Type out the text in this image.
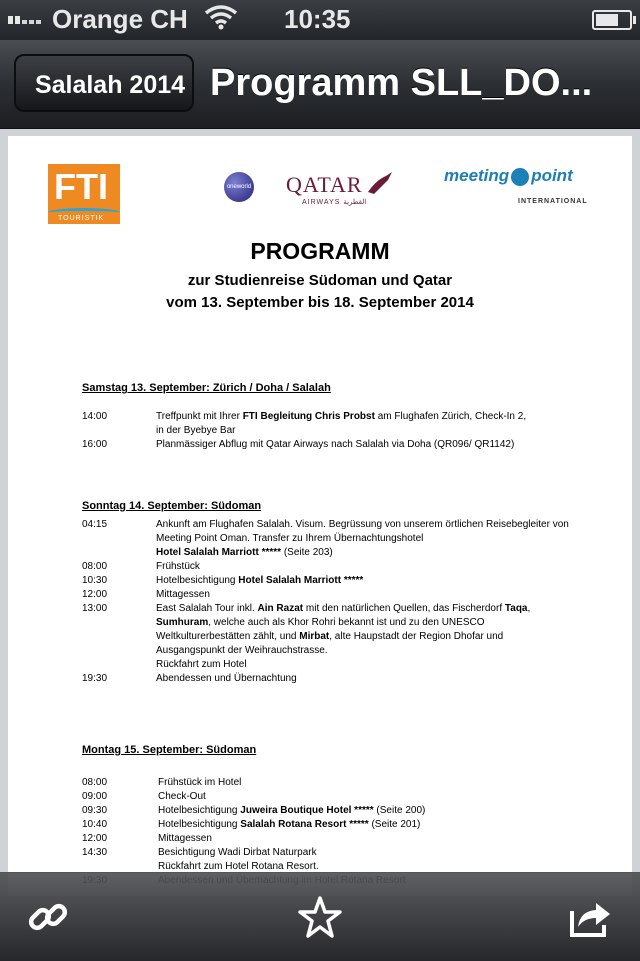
Orange CH	10:35
Salalah 2014 Programm SLL_DO...
FTI
TOURISTIK
oneworld QATAR
AIRWAYS القطرية
meeting point
INTERNATIONAL
PROGRAMM
zur Studienreise Südoman und Qatar
vom 13. September bis 18. September 2014
Samstag 13. September: Zürich / Doha / Salalah
14:00	Treffpunkt mit Ihrer FTI Begleitung Chris Probst am Flughafen Zürich, Check-In 2,
in der Byebye Bar
16:00	Planmässiger Abflug mit Qatar Airways nach Salalah via Doha (QR096/ QR1142)
Sonntag 14. September: Südoman
04:15	Ankunft am Flughafen Salalah. Visum. Begrüssung von unserem örtlichen Reisebegleiter von
Meeting Point Oman. Transfer zu Ihrem Übernachtungshotel
Hotel Salalah Marriott ***** (Seite 203)
08:00	Frühstück
10:30	Hotelbesichtigung Hotel Salalah Marriott *****
12:00	Mittagessen
13:00	East Salalah Tour inkl. Ain Razat mit den natürlichen Quellen, das Fischerdorf Taqa,
Sumhuram, welche auch als Khor Rohri bekannt ist und zu den UNESCO
Weltkulturerbestätten zählt, und Mirbat, alte Haupstadt der Region Dhofar und
Ausgangspunkt der Weihrauchstrasse.
Rückfahrt zum Hotel
19:30	Abendessen und Übernachtung
Montag 15. September: Südoman
08:00	Frühstück im Hotel
09:00	Check-Out
09:30	Hotelbesichtigung Juweira Boutique Hotel ***** (Seite 200)
10:40	Hotelbesichtigung Salalah Rotana Resort ***** (Seite 201)
12:00	Mittagessen
14:30	Besichtigung Wadi Dirbat Naturpark
Rückfahrt zum Hotel Rotana Resort.
